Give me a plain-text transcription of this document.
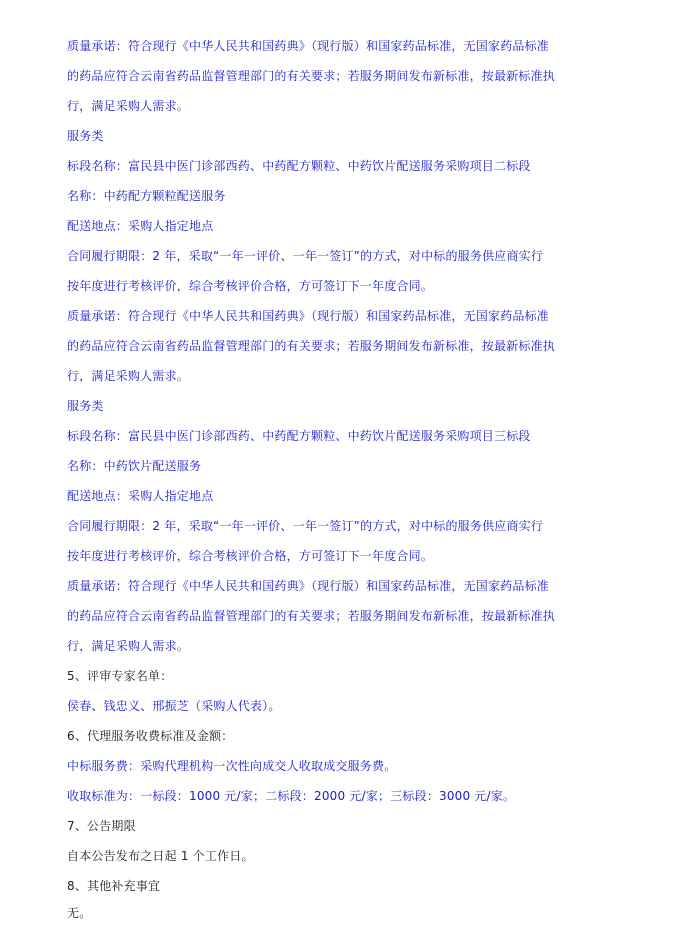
质量承诺：符合现行《中华人民共和国药典》（现行版）和国家药品标准，无国家药品标准
的药品应符合云南省药品监督管理部门的有关要求；若服务期间发布新标准，按最新标准执
行，满足采购人需求。
服务类
标段名称：富民县中医门诊部西药、中药配方颗粒、中药饮片配送服务采购项目二标段
名称：中药配方颗粒配送服务
配送地点：采购人指定地点
合同履行期限：2 年，采取“一年一评价、一年一签订”的方式，对中标的服务供应商实行
按年度进行考核评价，综合考核评价合格，方可签订下一年度合同。
质量承诺：符合现行《中华人民共和国药典》（现行版）和国家药品标准，无国家药品标准
的药品应符合云南省药品监督管理部门的有关要求；若服务期间发布新标准，按最新标准执
行，满足采购人需求。
服务类
标段名称：富民县中医门诊部西药、中药配方颗粒、中药饮片配送服务采购项目三标段
名称：中药饮片配送服务
配送地点：采购人指定地点
合同履行期限：2 年，采取“一年一评价、一年一签订”的方式，对中标的服务供应商实行
按年度进行考核评价，综合考核评价合格，方可签订下一年度合同。
质量承诺：符合现行《中华人民共和国药典》（现行版）和国家药品标准，无国家药品标准
的药品应符合云南省药品监督管理部门的有关要求；若服务期间发布新标准，按最新标准执
行，满足采购人需求。
5、评审专家名单：
侯春、钱忠义、邢振芝（采购人代表）。
6、代理服务收费标准及金额：
中标服务费：采购代理机构一次性向成交人收取成交服务费。
收取标准为：一标段：1000 元/家；二标段：2000 元/家；三标段：3000 元/家。
7、公告期限
自本公告发布之日起 1 个工作日。
8、其他补充事宜
无。
